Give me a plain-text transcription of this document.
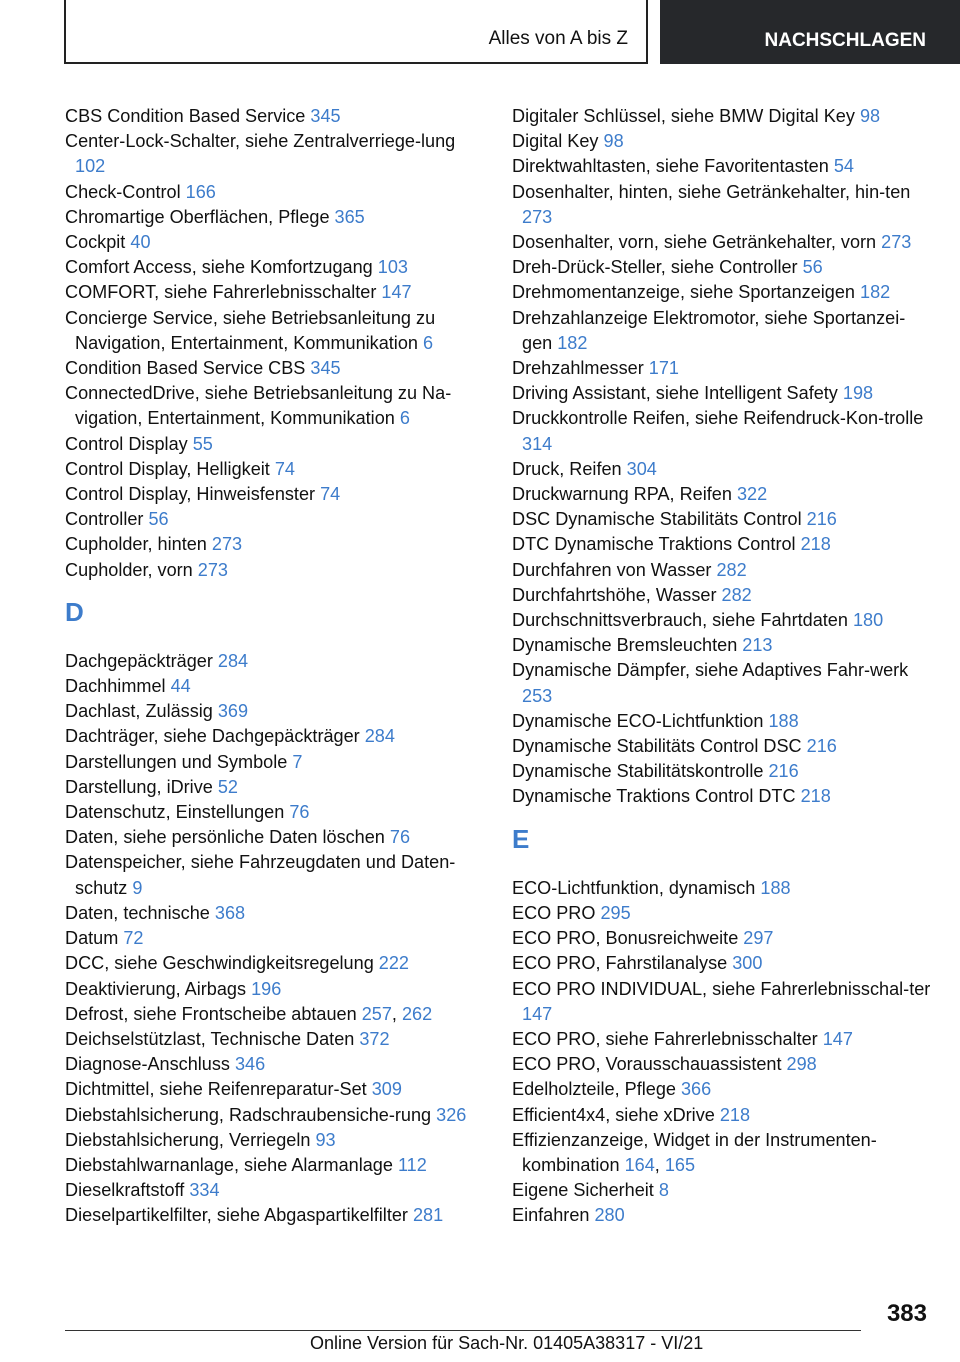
Alles von A bis Z	NACHSCHLAGEN
CBS Condition Based Service 345
Center-Lock-Schalter, siehe Zentralverriege‐lung 102
Check-Control 166
Chromartige Oberflächen, Pflege 365
Cockpit 40
Comfort Access, siehe Komfortzugang 103
COMFORT, siehe Fahrerlebnisschalter 147
Concierge Service, siehe Betriebsanleitung zu Navigation, Entertainment, Kommunikation 6
Condition Based Service CBS 345
ConnectedDrive, siehe Betriebsanleitung zu Na‐vigation, Entertainment, Kommunikation 6
Control Display 55
Control Display, Helligkeit 74
Control Display, Hinweisfenster 74
Controller 56
Cupholder, hinten 273
Cupholder, vorn 273
D
Dachgepäckträger 284
Dachhimmel 44
Dachlast, Zulässig 369
Dachträger, siehe Dachgepäckträger 284
Darstellungen und Symbole 7
Darstellung, iDrive 52
Datenschutz, Einstellungen 76
Daten, siehe persönliche Daten löschen 76
Datenspeicher, siehe Fahrzeugdaten und Daten‐schutz 9
Daten, technische 368
Datum 72
DCC, siehe Geschwindigkeitsregelung 222
Deaktivierung, Airbags 196
Defrost, siehe Frontscheibe abtauen 257, 262
Deichselstützlast, Technische Daten 372
Diagnose-Anschluss 346
Dichtmittel, siehe Reifenreparatur-Set 309
Diebstahlsicherung, Radschraubensiche‐rung 326
Diebstahlsicherung, Verriegeln 93
Diebstahlwarnanlage, siehe Alarmanlage 112
Dieselkraftstoff 334
Dieselpartikelfilter, siehe Abgaspartikelfilter 281
Digitaler Schlüssel, siehe BMW Digital Key 98
Digital Key 98
Direktwahltasten, siehe Favoritentasten 54
Dosenhalter, hinten, siehe Getränkehalter, hin‐ten 273
Dosenhalter, vorn, siehe Getränkehalter, vorn 273
Dreh-Drück-Steller, siehe Controller 56
Drehmomentanzeige, siehe Sportanzeigen 182
Drehzahlanzeige Elektromotor, siehe Sportanzei‐gen 182
Drehzahlmesser 171
Driving Assistant, siehe Intelligent Safety 198
Druckkontrolle Reifen, siehe Reifendruck-Kon‐trolle 314
Druck, Reifen 304
Druckwarnung RPA, Reifen 322
DSC Dynamische Stabilitäts Control 216
DTC Dynamische Traktions Control 218
Durchfahren von Wasser 282
Durchfahrtshöhe, Wasser 282
Durchschnittsverbrauch, siehe Fahrtdaten 180
Dynamische Bremsleuchten 213
Dynamische Dämpfer, siehe Adaptives Fahr‐werk 253
Dynamische ECO-Lichtfunktion 188
Dynamische Stabilitäts Control DSC 216
Dynamische Stabilitätskontrolle 216
Dynamische Traktions Control DTC 218
E
ECO-Lichtfunktion, dynamisch 188
ECO PRO 295
ECO PRO, Bonusreichweite 297
ECO PRO, Fahrstilanalyse 300
ECO PRO INDIVIDUAL, siehe Fahrerlebnisschal‐ter 147
ECO PRO, siehe Fahrerlebnisschalter 147
ECO PRO, Vorausschauassistent 298
Edelholzteile, Pflege 366
Efficient4x4, siehe xDrive 218
Effizienzanzeige, Widget in der Instrumenten‐kombination 164, 165
Eigene Sicherheit 8
Einfahren 280
383
Online Version für Sach-Nr. 01405A38317 - VI/21
